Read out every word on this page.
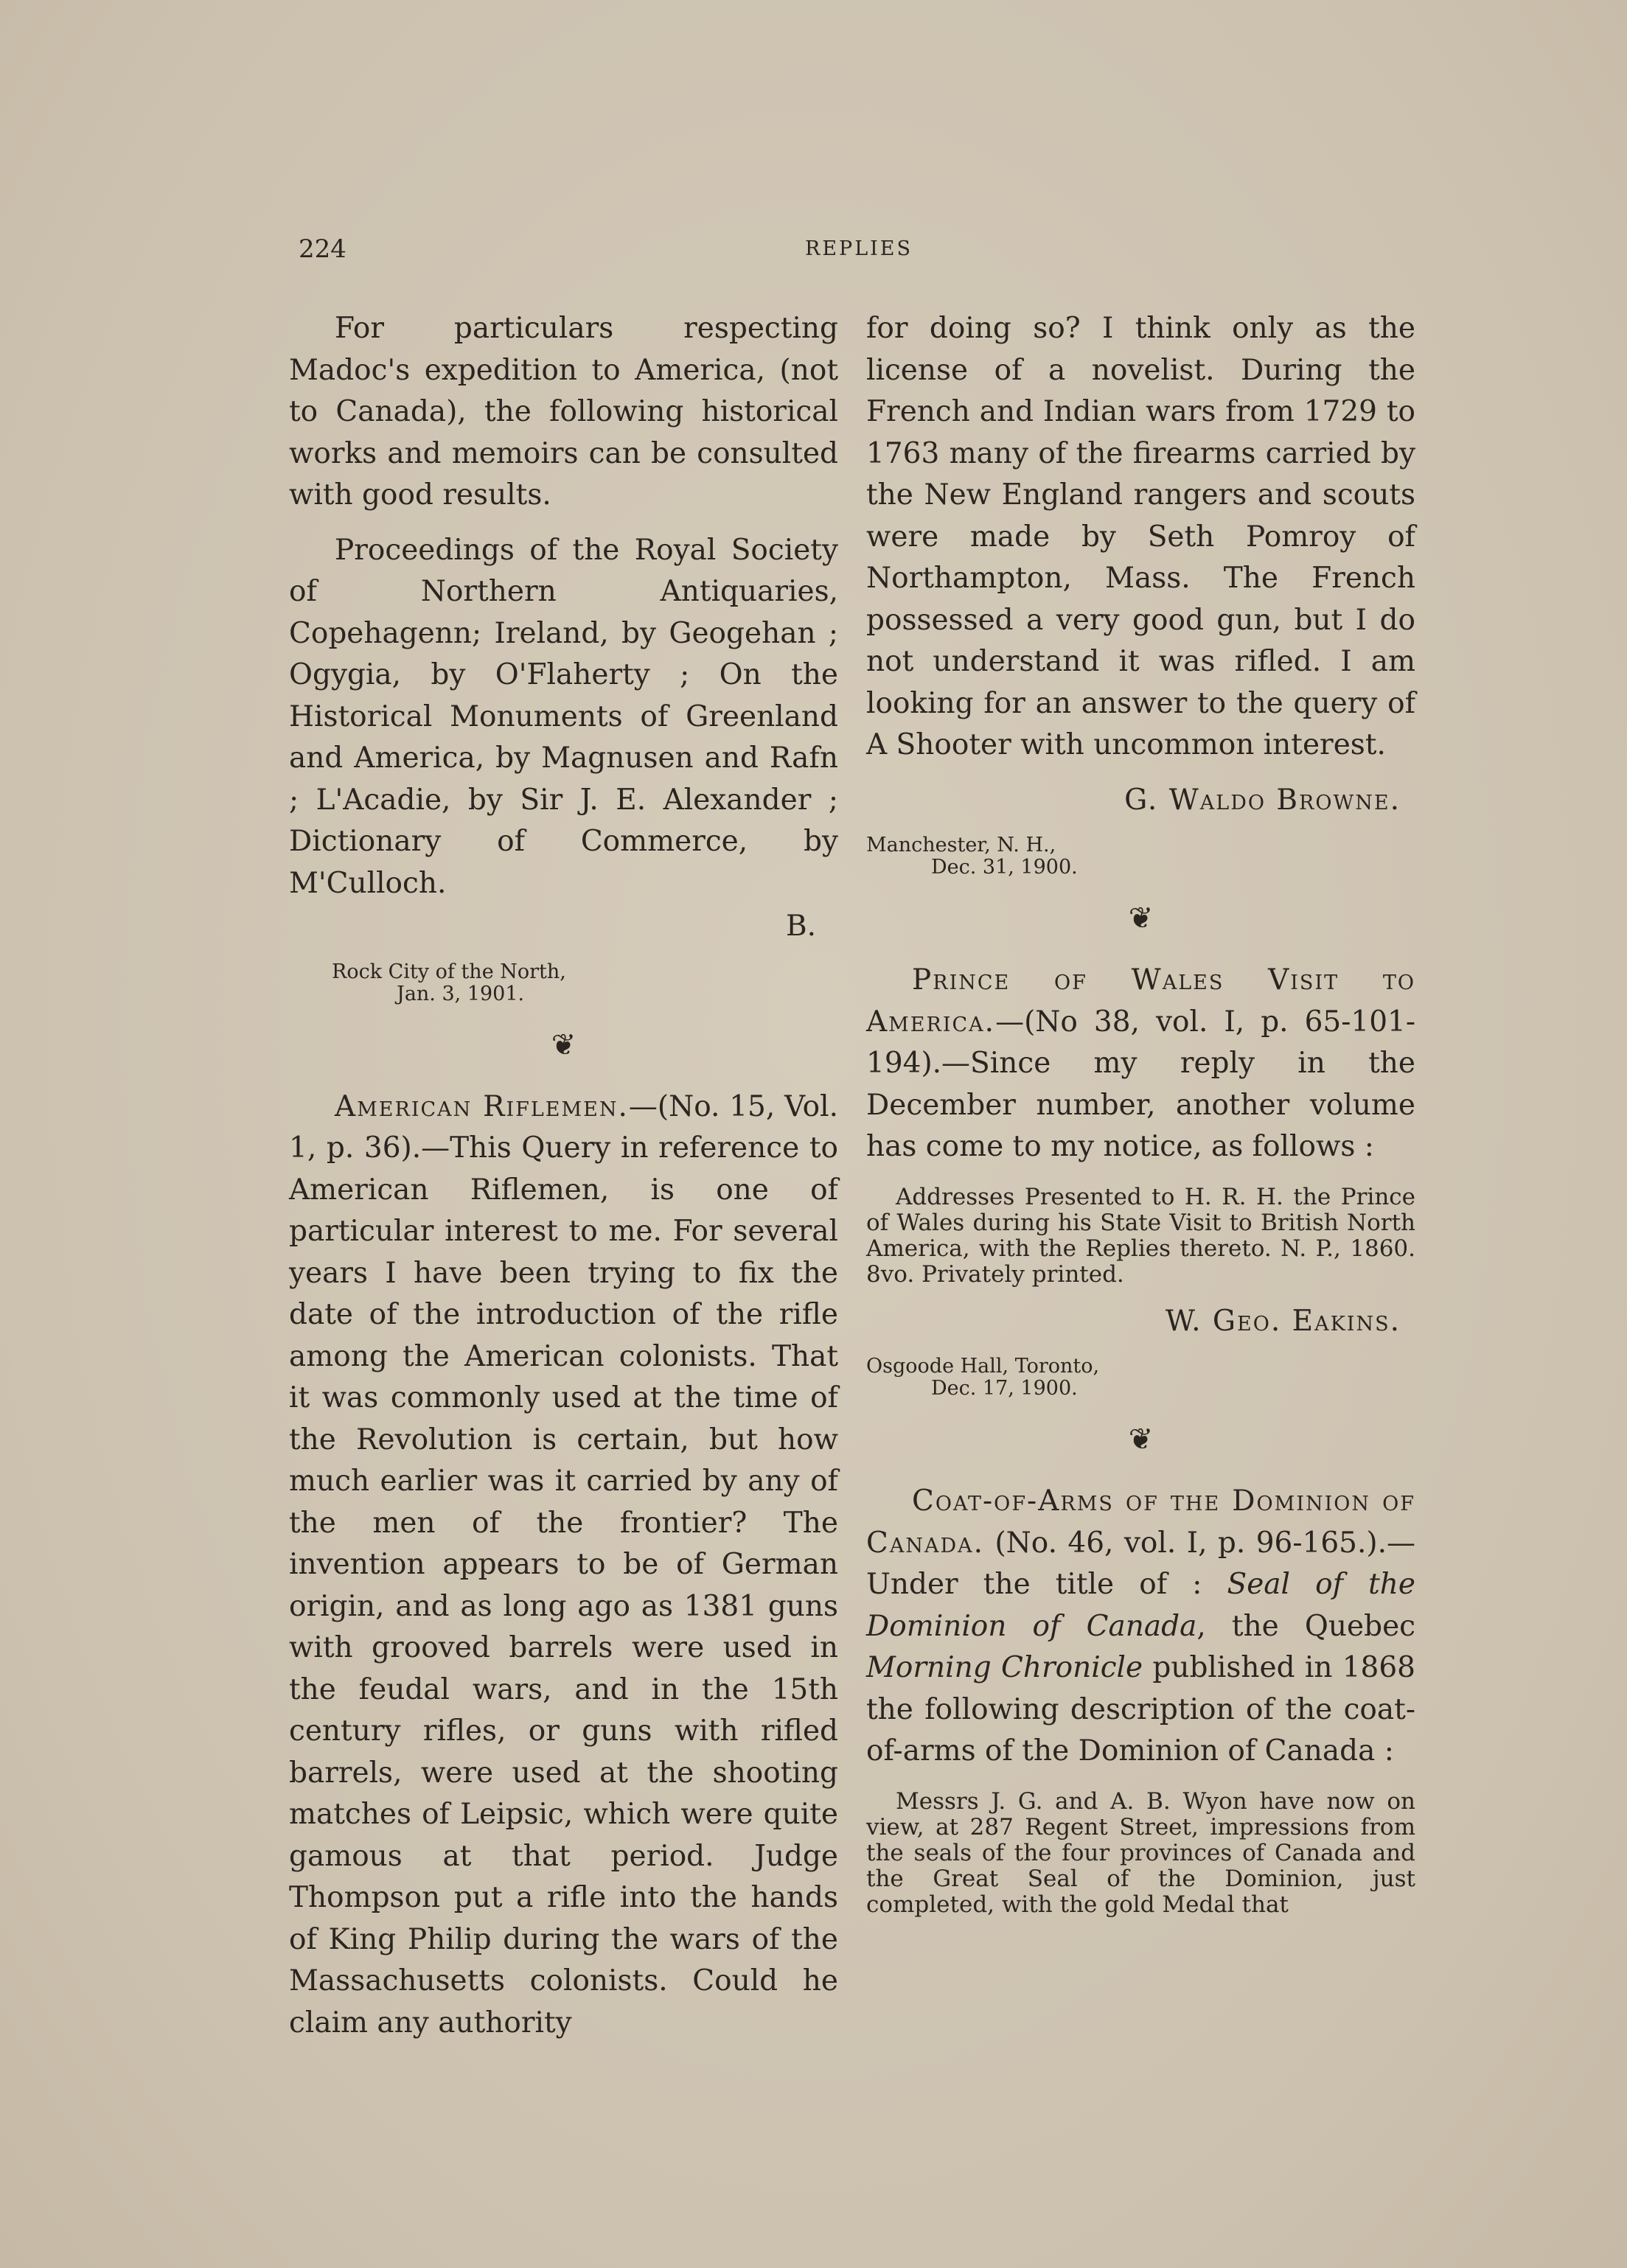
224	REPLIES

For particulars respecting Madoc's expedition to America, (not to Canada), the following historical works and memoirs can be consulted with good results.

Proceedings of the Royal Society of Northern Antiquaries, Copehagenn; Ireland, by Geogehan ; Ogygia, by O'Flaherty ; On the Historical Monuments of Greenland and America, by Magnusen and Rafn ; L'Acadie, by Sir J. E. Alexander ; Dictionary of Commerce, by M'Culloch.

B.
Rock City of the North,
Jan. 3, 1901.
❦

American Riflemen.—(No. 15, Vol. 1, p. 36).—This Query in reference to American Riflemen, is one of particular interest to me. For several years I have been trying to fix the date of the introduction of the rifle among the American colonists. That it was commonly used at the time of the Revolution is certain, but how much earlier was it carried by any of the men of the frontier? The invention appears to be of German origin, and as long ago as 1381 guns with grooved barrels were used in the feudal wars, and in the 15th century rifles, or guns with rifled barrels, were used at the shooting matches of Leipsic, which were quite gamous at that period. Judge Thompson put a rifle into the hands of King Philip during the wars of the Massachusetts colonists. Could he claim any authority

for doing so? I think only as the license of a novelist. During the French and Indian wars from 1729 to 1763 many of the firearms carried by the New England rangers and scouts were made by Seth Pomroy of Northampton, Mass. The French possessed a very good gun, but I do not understand it was rifled. I am looking for an answer to the query of A Shooter with uncommon interest.

G. Waldo Browne.
Manchester, N. H.,
Dec. 31, 1900.
❦

Prince of Wales Visit to America.—(No 38, vol. I, p. 65-101-194).—Since my reply in the December number, another volume has come to my notice, as follows :

Addresses Presented to H. R. H. the Prince of Wales during his State Visit to British North America, with the Replies thereto. N. P., 1860. 8vo. Privately printed.
W. Geo. Eakins.
Osgoode Hall, Toronto,
Dec. 17, 1900.
❦

Coat-of-Arms of the Dominion of Canada. (No. 46, vol. I, p. 96-165.).—Under the title of : Seal of the Dominion of Canada, the Quebec Morning Chronicle published in 1868 the following description of the coat-of-arms of the Dominion of Canada :

Messrs J. G. and A. B. Wyon have now on view, at 287 Regent Street, impressions from the seals of the four provinces of Canada and the Great Seal of the Dominion, just completed, with the gold Medal that
